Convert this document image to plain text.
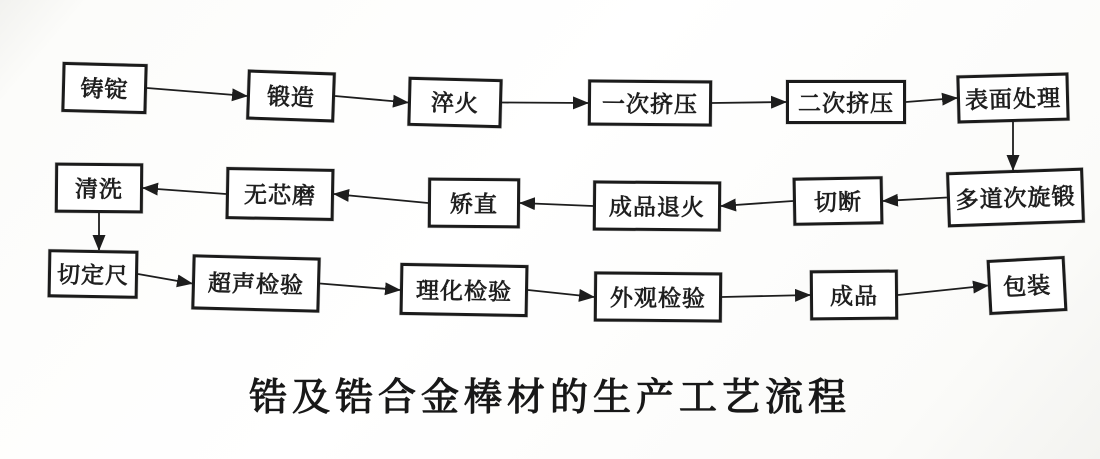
铸锭	锻造	淬火	一次挤压	二次挤压	表面处理
多道次旋锻
切断
成品退火
矫直
无芯磨
清洗
切定尺	超声检验	理化检验	外观检验	成品	包装
锆及锆合金棒材的生产工艺流程
